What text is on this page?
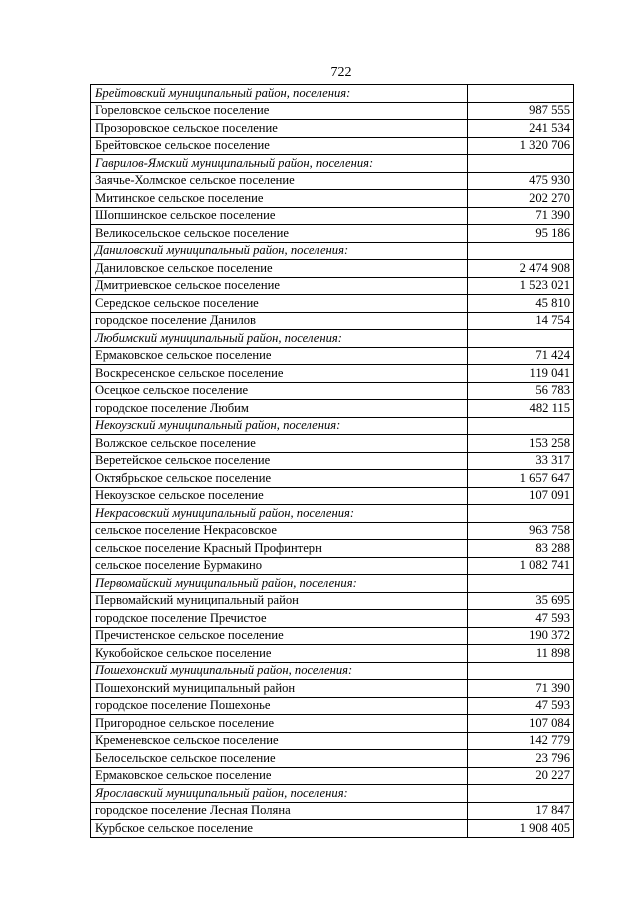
722
Брейтовский муниципальный район, поселения:	
Гореловское сельское поселение	987 555
Прозоровское сельское поселение	241 534
Брейтовское сельское поселение	1 320 706
Гаврилов-Ямский муниципальный район, поселения:	
Заячье-Холмское сельское поселение	475 930
Митинское сельское поселение	202 270
Шопшинское сельское поселение	71 390
Великосельское сельское поселение	95 186
Даниловский муниципальный район, поселения:	
Даниловское сельское поселение	2 474 908
Дмитриевское сельское поселение	1 523 021
Середское сельское поселение	45 810
городское поселение Данилов	14 754
Любимский муниципальный район, поселения:	
Ермаковское сельское поселение	71 424
Воскресенское сельское поселение	119 041
Осецкое сельское поселение	56 783
городское поселение Любим	482 115
Некоузский муниципальный район, поселения:	
Волжское сельское поселение	153 258
Веретейское сельское поселение	33 317
Октябрьское сельское поселение	1 657 647
Некоузское сельское поселение	107 091
Некрасовский муниципальный район, поселения:	
сельское поселение Некрасовское	963 758
сельское поселение Красный Профинтерн	83 288
сельское поселение Бурмакино	1 082 741
Первомайский муниципальный район, поселения:	
Первомайский муниципальный район	35 695
городское поселение Пречистое	47 593
Пречистенское сельское поселение	190 372
Кукобойское сельское поселение	11 898
Пошехонский муниципальный район, поселения:	
Пошехонский муниципальный район	71 390
городское поселение Пошехонье	47 593
Пригородное сельское поселение	107 084
Кременевское сельское поселение	142 779
Белосельское сельское поселение	23 796
Ермаковское сельское поселение	20 227
Ярославский муниципальный район, поселения:	
городское поселение Лесная Поляна	17 847
Курбское сельское поселение	1 908 405
